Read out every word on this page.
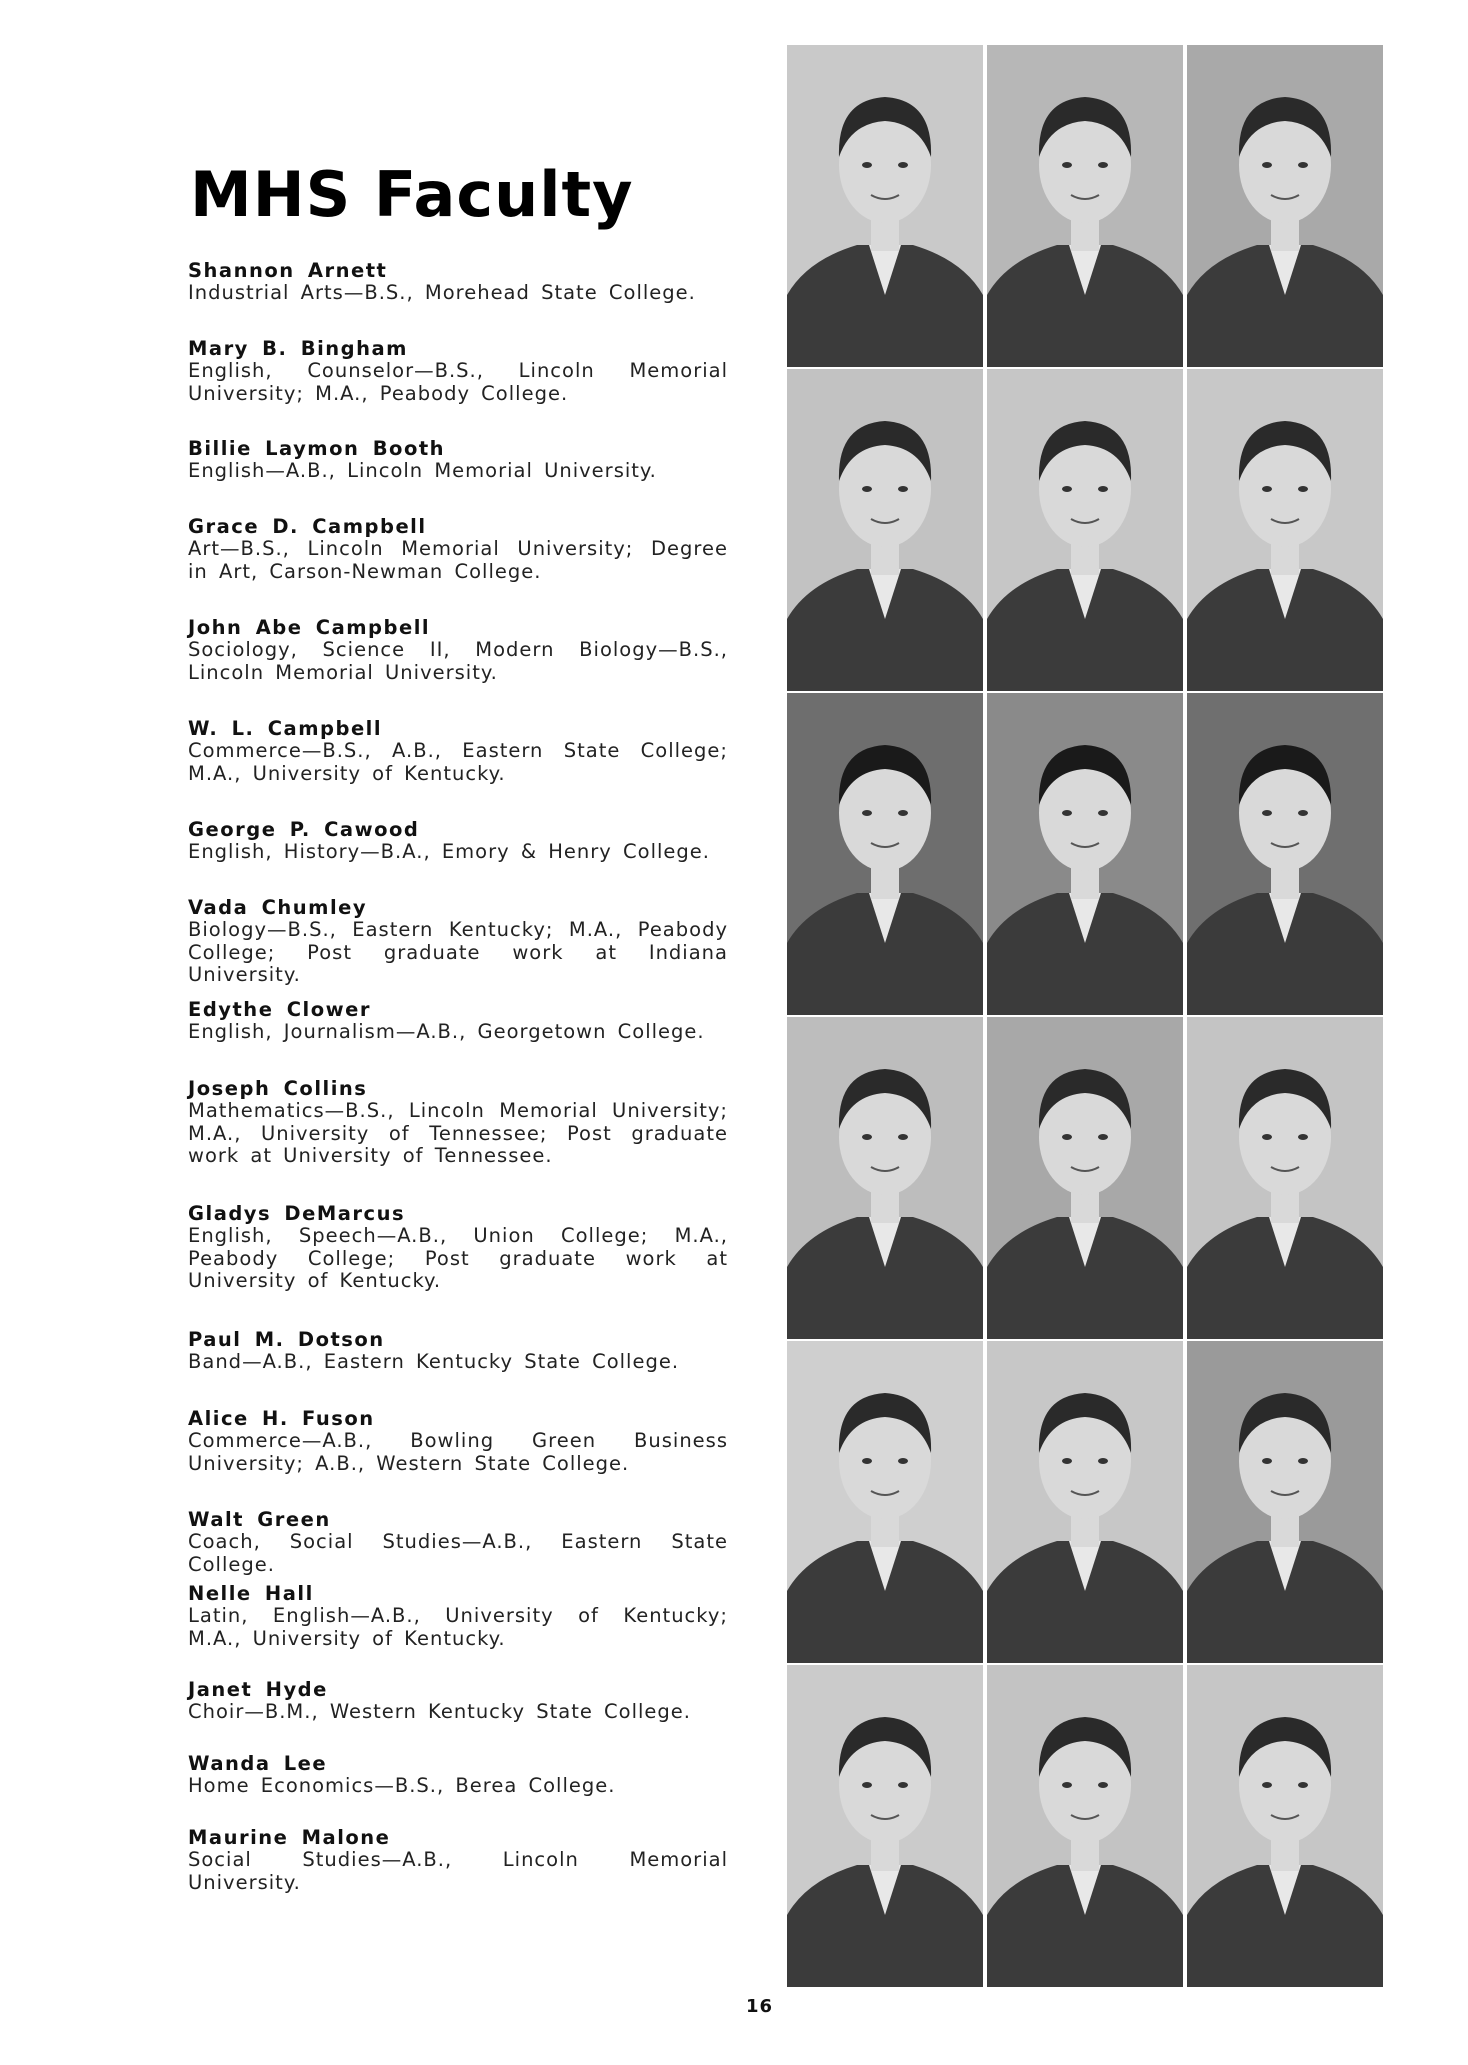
MHS Faculty
Shannon Arnett
Industrial Arts—B.S., Morehead State College.
Mary B. Bingham
English, Counselor—B.S., Lincoln Memorial University; M.A., Peabody College.
Billie Laymon Booth
English—A.B., Lincoln Memorial University.
Grace D. Campbell
Art—B.S., Lincoln Memorial University; Degree in Art, Carson-Newman College.
John Abe Campbell
Sociology, Science II, Modern Biology—B.S., Lincoln Memorial University.
W. L. Campbell
Commerce—B.S., A.B., Eastern State College; M.A., University of Kentucky.
George P. Cawood
English, History—B.A., Emory & Henry College.
Vada Chumley
Biology—B.S., Eastern Kentucky; M.A., Peabody College; Post graduate work at Indiana University.
Edythe Clower
English, Journalism—A.B., Georgetown College.
Joseph Collins
Mathematics—B.S., Lincoln Memorial University; M.A., University of Tennessee; Post graduate work at University of Tennessee.
Gladys DeMarcus
English, Speech—A.B., Union College; M.A., Peabody College; Post graduate work at University of Kentucky.
Paul M. Dotson
Band—A.B., Eastern Kentucky State College.
Alice H. Fuson
Commerce—A.B., Bowling Green Business University; A.B., Western State College.
Walt Green
Coach, Social Studies—A.B., Eastern State College.
Nelle Hall
Latin, English—A.B., University of Kentucky; M.A., University of Kentucky.
Janet Hyde
Choir—B.M., Western Kentucky State College.
Wanda Lee
Home Economics—B.S., Berea College.
Maurine Malone
Social Studies—A.B., Lincoln Memorial University.
16
